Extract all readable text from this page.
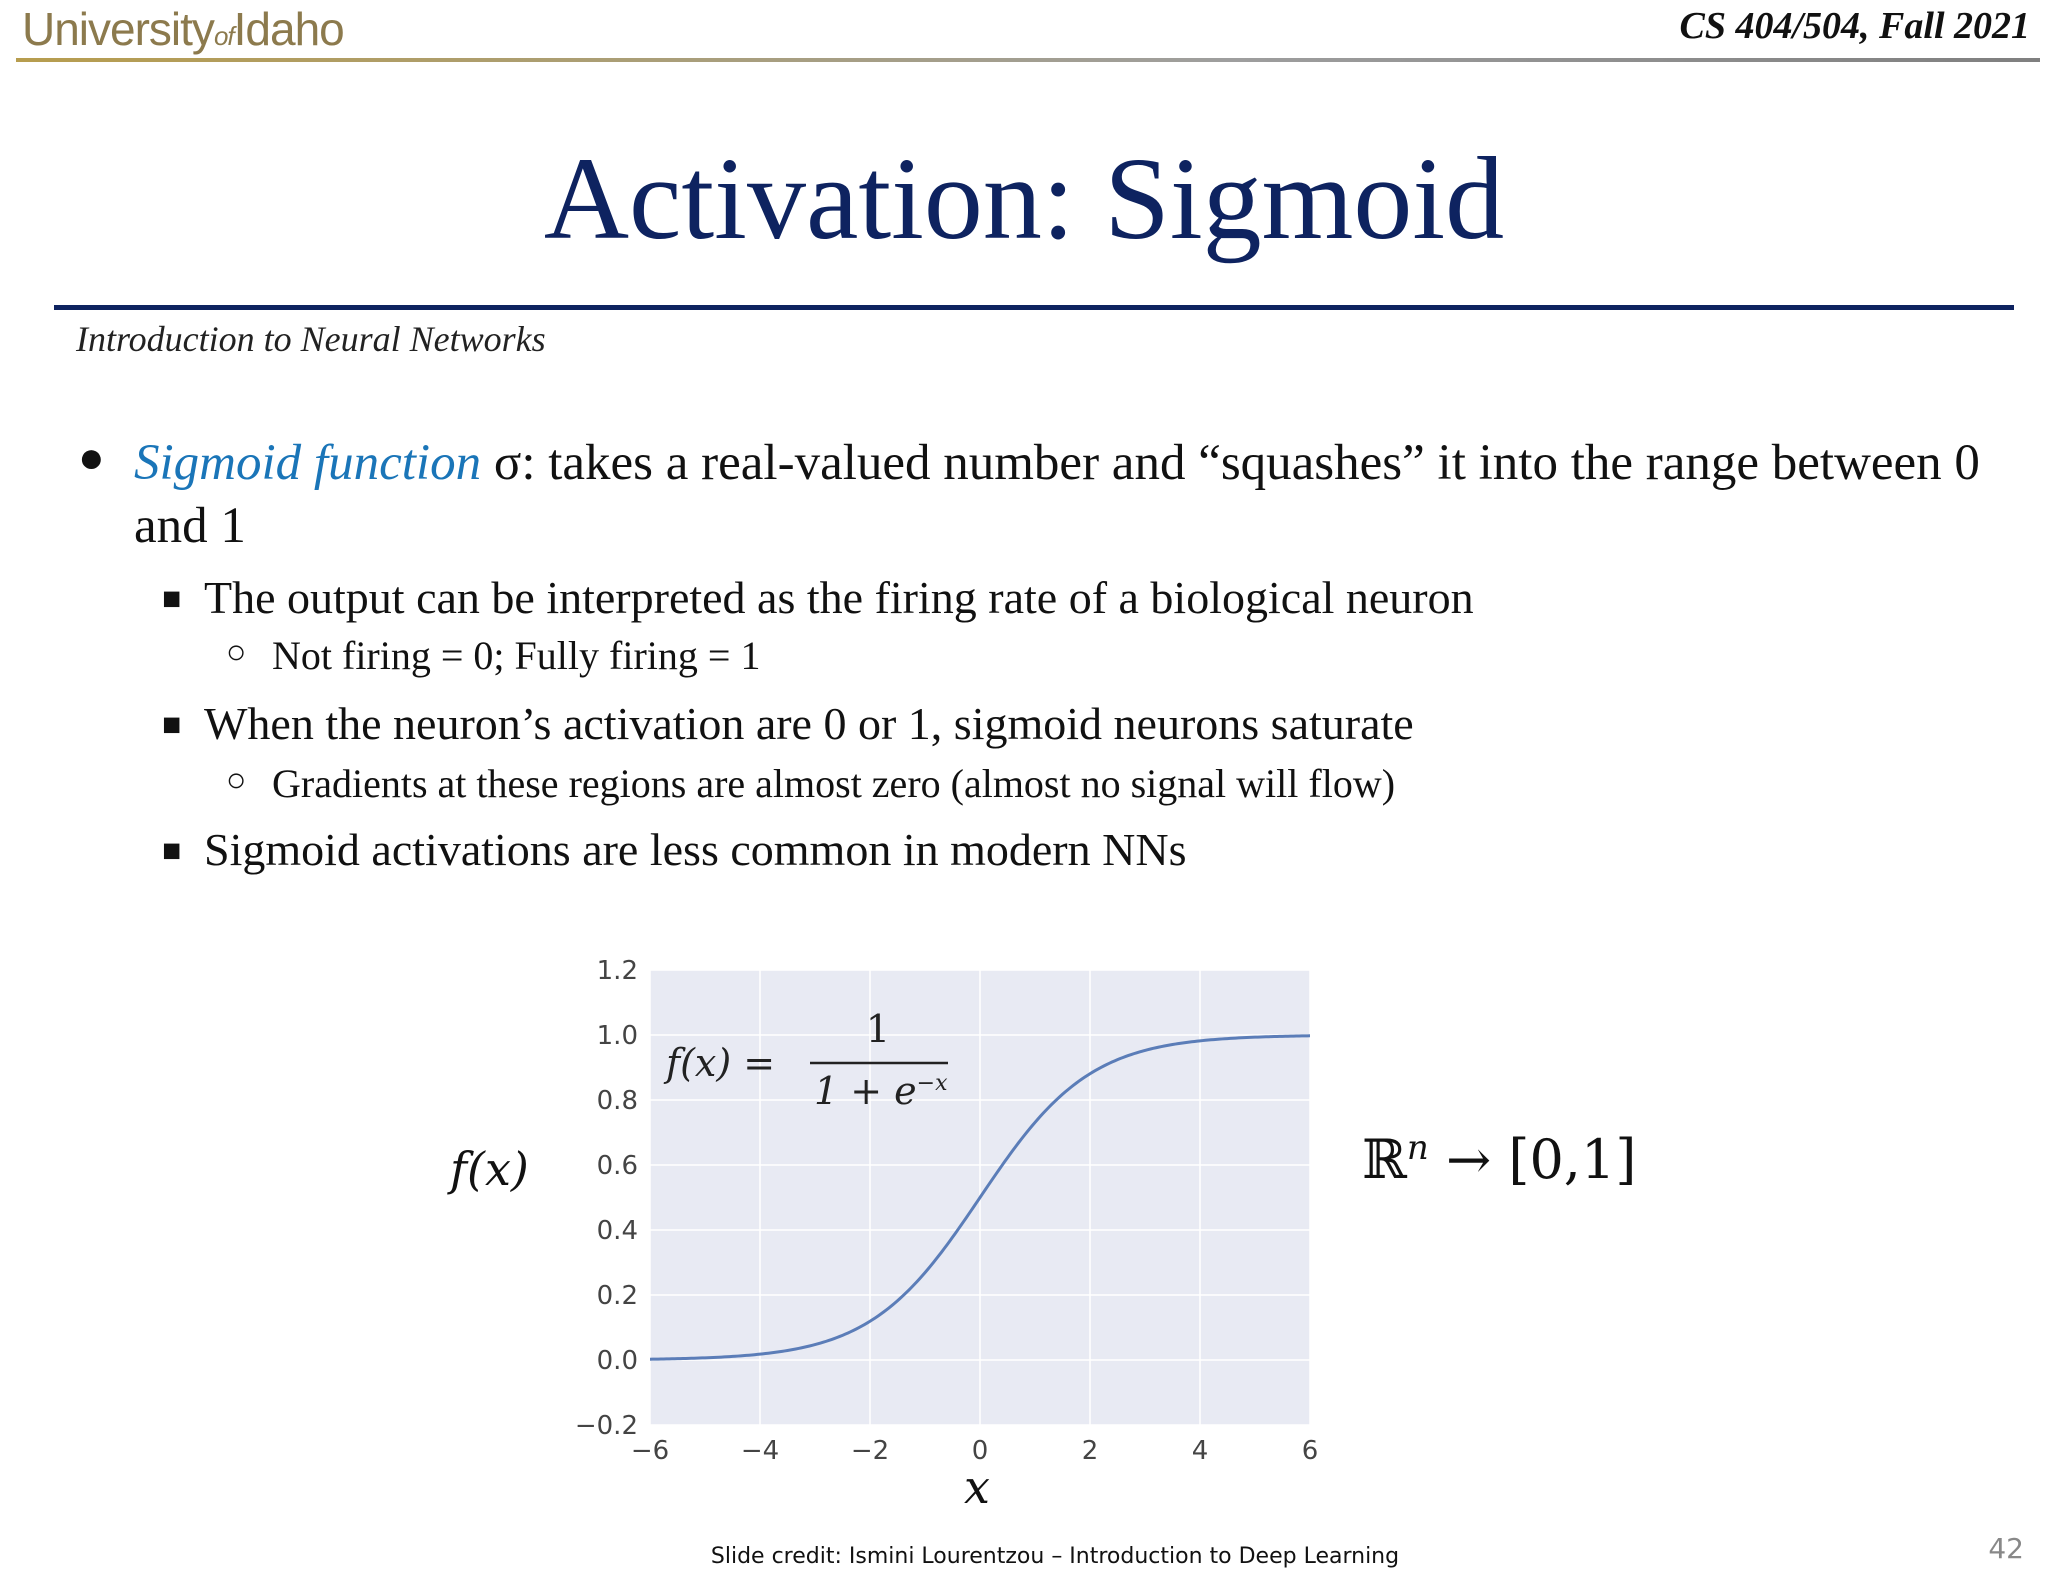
UniversityofIdaho	CS 404/504, Fall 2021
Activation: Sigmoid
Introduction to Neural Networks
● Sigmoid function σ: takes a real-valued number and “squashes” it into the range between 0 and 1
■ The output can be interpreted as the firing rate of a biological neuron
○ Not firing = 0; Fully firing = 1
■ When the neuron’s activation are 0 or 1, sigmoid neurons saturate
○ Gradients at these regions are almost zero (almost no signal will flow)
■ Sigmoid activations are less common in modern NNs
f(x)
−6	−4	−2	0	2	4	6
−0.2
0.0
0.2
0.4
0.6
0.8
1.0
1.2
f(x) =
1
$1 + e^{-x}$
x
ℝ$^n$ → [0,1]
Slide credit: Ismini Lourentzou – Introduction to Deep Learning	42
